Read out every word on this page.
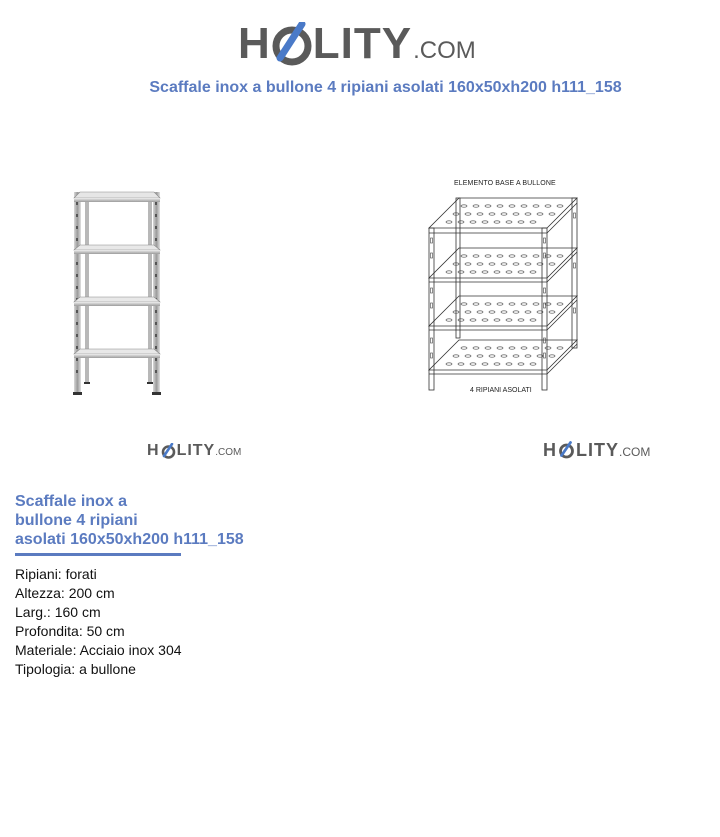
H LITY .COM
Scaffale inox a bullone 4 ripiani asolati 160x50xh200 h111_158
ELEMENTO BASE A BULLONE
4 RIPIANI ASOLATI
H LITY .COM	H LITY .COM
Scaffale inox a
bullone 4 ripiani
asolati 160x50xh200 h111_158
Ripiani: forati
Altezza: 200 cm
Larg.: 160 cm
Profondita: 50 cm
Materiale: Acciaio inox 304
Tipologia: a bullone
